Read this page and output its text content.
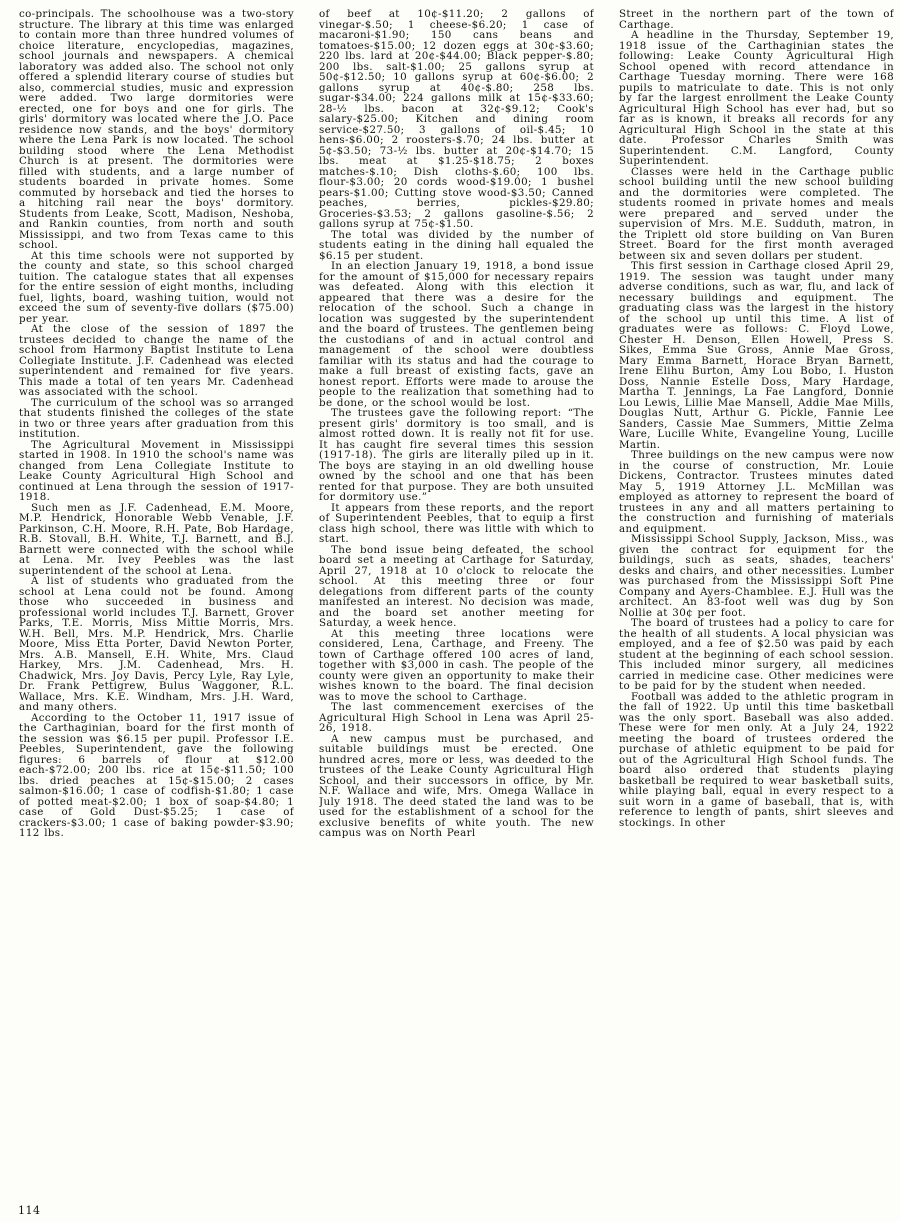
co-principals. The schoolhouse was a two-story structure. The library at this time was enlarged to contain more than three hundred volumes of choice literature, encyclopedias, magazines, school journals and newspapers. A chemical laboratory was added also. The school not only offered a splendid literary course of studies but also, commercial studies, music and expression were added. Two large dormitories were erected, one for boys and one for girls. The girls' dormitory was located where the J.O. Pace residence now stands, and the boys' dormitory where the Lena Park is now located. The school building stood where the Lena Methodist Church is at present. The dormitories were filled with students, and a large number of students boarded in private homes. Some commuted by horseback and tied the horses to a hitching rail near the boys' dormitory. Students from Leake, Scott, Madison, Neshoba, and Rankin counties, from north and south Mississippi, and two from Texas came to this school.

At this time schools were not supported by the county and state, so this school charged tuition. The catalogue states that all expenses for the entire session of eight months, including fuel, lights, board, washing tuition, would not exceed the sum of seventy-five dollars ($75.00) per year.

At the close of the session of 1897 the trustees decided to change the name of the school from Harmony Baptist Institute to Lena Collegiate Institute. J.F. Cadenhead was elected superintendent and remained for five years. This made a total of ten years Mr. Cadenhead was associated with the school.

The curriculum of the school was so arranged that students finished the colleges of the state in two or three years after graduation from this institution.

The Agricultural Movement in Mississippi started in 1908. In 1910 the school's name was changed from Lena Collegiate Institute to Leake County Agricultural High School and continued at Lena through the session of 1917-1918.

Such men as J.F. Cadenhead, E.M. Moore, M.P. Hendrick, Honorable Webb Venable, J.F. Parkinson, C.H. Moore, R.H. Pate, Bob Hardage, R.B. Stovall, B.H. White, T.J. Barnett, and B.J. Barnett were connected with the school while at Lena. Mr. Ivey Peebles was the last superintendent of the school at Lena.

A list of students who graduated from the school at Lena could not be found. Among those who succeeded in business and professional world includes T.J. Barnett, Grover Parks, T.E. Morris, Miss Mittie Morris, Mrs. W.H. Bell, Mrs. M.P. Hendrick, Mrs. Charlie Moore, Miss Etta Porter, David Newton Porter, Mrs. A.B. Mansell, E.H. White, Mrs. Claud Harkey, Mrs. J.M. Cadenhead, Mrs. H. Chadwick, Mrs. Joy Davis, Percy Lyle, Ray Lyle, Dr. Frank Pettigrew, Bulus Waggoner, R.L. Wallace, Mrs. K.E. Windham, Mrs. J.H. Ward, and many others.

According to the October 11, 1917 issue of the Carthaginian, board for the first month of the session was $6.15 per pupil. Professor I.E. Peebles, Superintendent, gave the following figures: 6 barrels of flour at $12.00 each-$72.00; 200 lbs. rice at 15¢-$11.50; 100 lbs. dried peaches at 15¢-$15.00; 2 cases salmon-$16.00; 1 case of codfish-$1.80; 1 case of potted meat-$2.00; 1 box of soap-$4.80; 1 case of Gold Dust-$5.25; 1 case of crackers-$3.00; 1 case of baking powder-$3.90; 112 lbs.

of beef at 10¢-$11.20; 2 gallons of vinegar-$.50; 1 cheese-$6.20; 1 case of macaroni-$1.90; 150 cans beans and tomatoes-$15.00; 12 dozen eggs at 30¢-$3.60; 220 lbs. lard at 20¢-$44.00; Black pepper-$.80; 200 lbs. salt-$1.00; 25 gallons syrup at 50¢-$12.50; 10 gallons syrup at 60¢-$6.00; 2 gallons syrup at 40¢-$.80; 258 lbs. sugar-$34.00; 224 gallons milk at 15¢-$33.60; 28-½ lbs. bacon at 32¢-$9.12; Cook's salary-$25.00; Kitchen and dining room service-$27.50; 3 gallons of oil-$.45; 10 hens-$6.00; 2 roosters-$.70; 24 lbs. butter at 5¢-$3.50; 73-½ lbs. butter at 20¢-$14.70; 15 lbs. meat at $1.25-$18.75; 2 boxes matches-$.10; Dish cloths-$.60; 100 lbs. flour-$3.00; 20 cords wood-$19.00; 1 bushel pears-$1.00; Cutting stove wood-$3.50; Canned peaches, berries, pickles-$29.80; Groceries-$3.53; 2 gallons gasoline-$.56; 2 gallons syrup at 75¢-$1.50.

The total was divided by the number of students eating in the dining hall equaled the $6.15 per student.

In an election January 19, 1918, a bond issue for the amount of $15,000 for necessary repairs was defeated. Along with this election it appeared that there was a desire for the relocation of the school. Such a change in location was suggested by the superintendent and the board of trustees. The gentlemen being the custodians of and in actual control and management of the school were doubtless familiar with its status and had the courage to make a full breast of existing facts, gave an honest report. Efforts were made to arouse the people to the realization that something had to be done, or the school would be lost.

The trustees gave the following report: “The present girls' dormitory is too small, and is almost rotted down. It is really not fit for use. It has caught fire several times this session (1917-18). The girls are literally piled up in it. The boys are staying in an old dwelling house owned by the school and one that has been rented for that purpose. They are both unsuited for dormitory use.”

It appears from these reports, and the report of Superintendent Peebles, that to equip a first class high school, there was little with which to start.

The bond issue being defeated, the school board set a meeting at Carthage for Saturday, April 27, 1918 at 10 o'clock to relocate the school. At this meeting three or four delegations from different parts of the county manifested an interest. No decision was made, and the board set another meeting for Saturday, a week hence.

At this meeting three locations were considered, Lena, Carthage, and Freeny. The town of Carthage offered 100 acres of land, together with $3,000 in cash. The people of the county were given an opportunity to make their wishes known to the board. The final decision was to move the school to Carthage.

The last commencement exercises of the Agricultural High School in Lena was April 25-26, 1918.

A new campus must be purchased, and suitable buildings must be erected. One hundred acres, more or less, was deeded to the trustees of the Leake County Agricultural High School, and their successors in office, by Mr. N.F. Wallace and wife, Mrs. Omega Wallace in July 1918. The deed stated the land was to be used for the establishment of a school for the exclusive benefits of white youth. The new campus was on North Pearl

Street in the northern part of the town of Carthage.

A headline in the Thursday, September 19, 1918 issue of the Carthaginian states the following: Leake County Agricultural High School opened with record attendance in Carthage Tuesday morning. There were 168 pupils to matriculate to date. This is not only by far the largest enrollment the Leake County Agricultural High School has ever had, but so far as is known, it breaks all records for any Agricultural High School in the state at this date. Professor Charles Smith was Superintendent. C.M. Langford, County Superintendent.

Classes were held in the Carthage public school building until the new school building and the dormitories were completed. The students roomed in private homes and meals were prepared and served under the supervision of Mrs. M.E. Sudduth, matron, in the Triplett old store building on Van Buren Street. Board for the first month averaged between six and seven dollars per student.

This first session in Carthage closed April 29, 1919. The session was taught under many adverse conditions, such as war, flu, and lack of necessary buildings and equipment. The graduating class was the largest in the history of the school up until this time. A list of graduates were as follows: C. Floyd Lowe, Chester H. Denson, Ellen Howell, Press S. Sikes, Emma Sue Gross, Annie Mae Gross, Mary Emma Barnett, Horace Bryan Barnett, Irene Elihu Burton, Amy Lou Bobo, I. Huston Doss, Nannie Estelle Doss, Mary Hardage, Martha T. Jennings, La Fae Langford, Donnie Lou Lewis, Lillie Mae Mansell, Addie Mae Mills, Douglas Nutt, Arthur G. Pickle, Fannie Lee Sanders, Cassie Mae Summers, Mittie Zelma Ware, Lucille White, Evangeline Young, Lucille Martin.

Three buildings on the new campus were now in the course of construction, Mr. Louie Dickens, Contractor. Trustees minutes dated May 5, 1919 Attorney J.L. McMillan was employed as attorney to represent the board of trustees in any and all matters pertaining to the construction and furnishing of materials and equipment.

Mississippi School Supply, Jackson, Miss., was given the contract for equipment for the buildings, such as seats, shades, teachers' desks and chairs, and other necessities. Lumber was purchased from the Mississippi Soft Pine Company and Ayers-Chamblee. E.J. Hull was the architect. An 83-foot well was dug by Son Nollie at 30¢ per foot.

The board of trustees had a policy to care for the health of all students. A local physician was employed, and a fee of $2.50 was paid by each student at the beginning of each school session. This included minor surgery, all medicines carried in medicine case. Other medicines were to be paid for by the student when needed.

Football was added to the athletic program in the fall of 1922. Up until this time basketball was the only sport. Baseball was also added. These were for men only. At a July 24, 1922 meeting the board of trustees ordered the purchase of athletic equipment to be paid for out of the Agricultural High School funds. The board also ordered that students playing basketball be required to wear basketball suits, while playing ball, equal in every respect to a suit worn in a game of baseball, that is, with reference to length of pants, shirt sleeves and stockings. In other

114
